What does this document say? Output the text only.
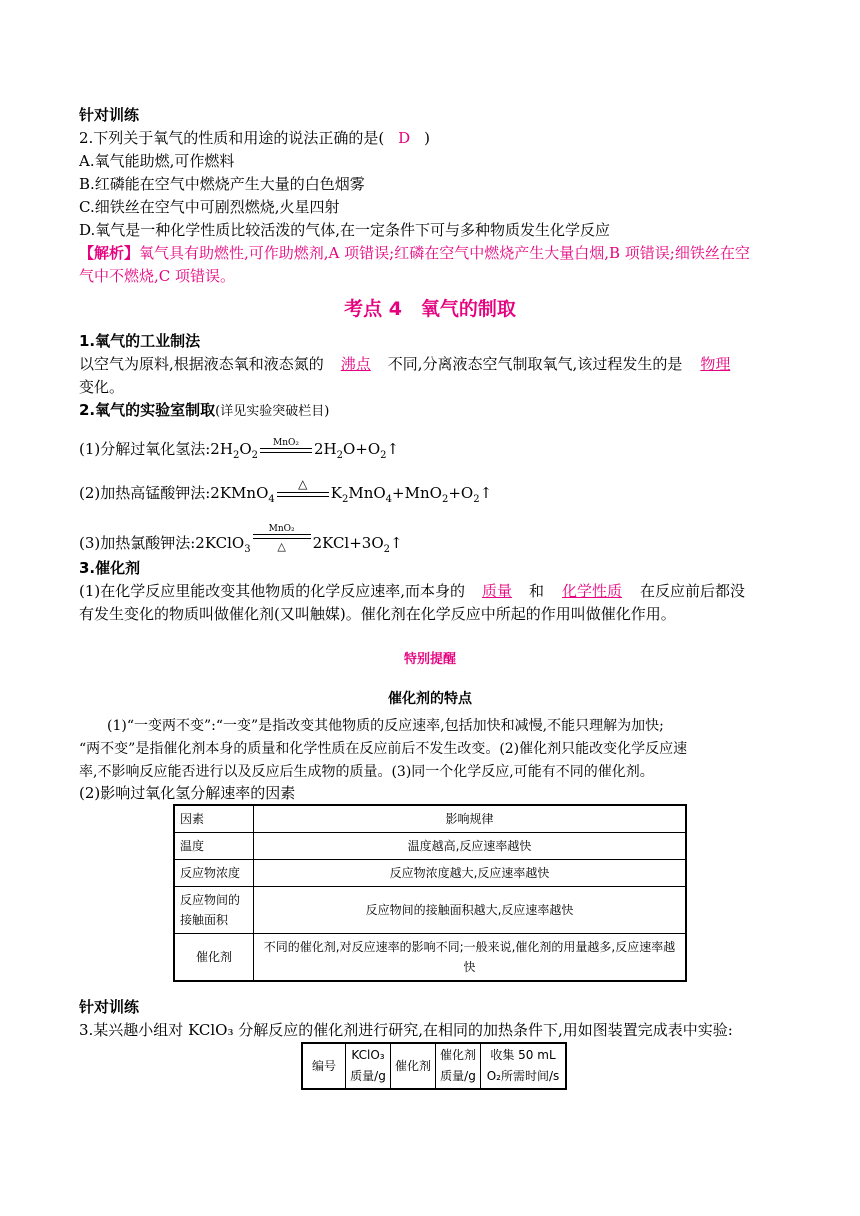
针对训练
2.下列关于氧气的性质和用途的说法正确的是( D )
A.氧气能助燃,可作燃料
B.红磷能在空气中燃烧产生大量的白色烟雾
C.细铁丝在空气中可剧烈燃烧,火星四射
D.氧气是一种化学性质比较活泼的气体,在一定条件下可与多种物质发生化学反应
【解析】氧气具有助燃性,可作助燃剂,A 项错误;红磷在空气中燃烧产生大量白烟,B 项错误;细铁丝在空
气中不燃烧,C 项错误。
考点 4　氧气的制取
1.氧气的工业制法
以空气为原料,根据液态氧和液态氮的 沸点 不同,分离液态空气制取氧气,该过程发生的是 物理
变化。
2.氧气的实验室制取(详见实验突破栏目)
(1)分解过氧化氢法$:2H_2O_2$
MnO₂	$2H_2O+O_2↑$
(2)加热高锰酸钾法:2KMnO$_4$
△	$K_2MnO_4+MnO_2+O_2↑$
(3)加热氯酸钾法:2KClO$_3$
MnO₂
△	$2KCl+3O_2↑$
3.催化剂
(1)在化学反应里能改变其他物质的化学反应速率,而本身的 质量 和 化学性质 在反应前后都没
有发生变化的物质叫做催化剂(又叫触媒)。催化剂在化学反应中所起的作用叫做催化作用。
特别提醒
催化剂的特点
(1)“一变两不变”:“一变”是指改变其他物质的反应速率,包括加快和减慢,不能只理解为加快;
“两不变”是指催化剂本身的质量和化学性质在反应前后不发生改变。(2)催化剂只能改变化学反应速
率,不影响反应能否进行以及反应后生成物的质量。(3)同一个化学反应,可能有不同的催化剂。
(2)影响过氧化氢分解速率的因素
因素	影响规律
温度	温度越高,反应速率越快
反应物浓度	反应物浓度越大,反应速率越快
反应物间的接触面积	反应物间的接触面积越大,反应速率越快
催化剂	不同的催化剂,对反应速率的影响不同;一般来说,催化剂的用量越多,反应速率越快
针对训练
3.某兴趣小组对 KClO₃ 分解反应的催化剂进行研究,在相同的加热条件下,用如图装置完成表中实验:
编号	KClO₃质量/g	催化剂	催化剂质量/g	收集 50 mL O₂所需时间/s
